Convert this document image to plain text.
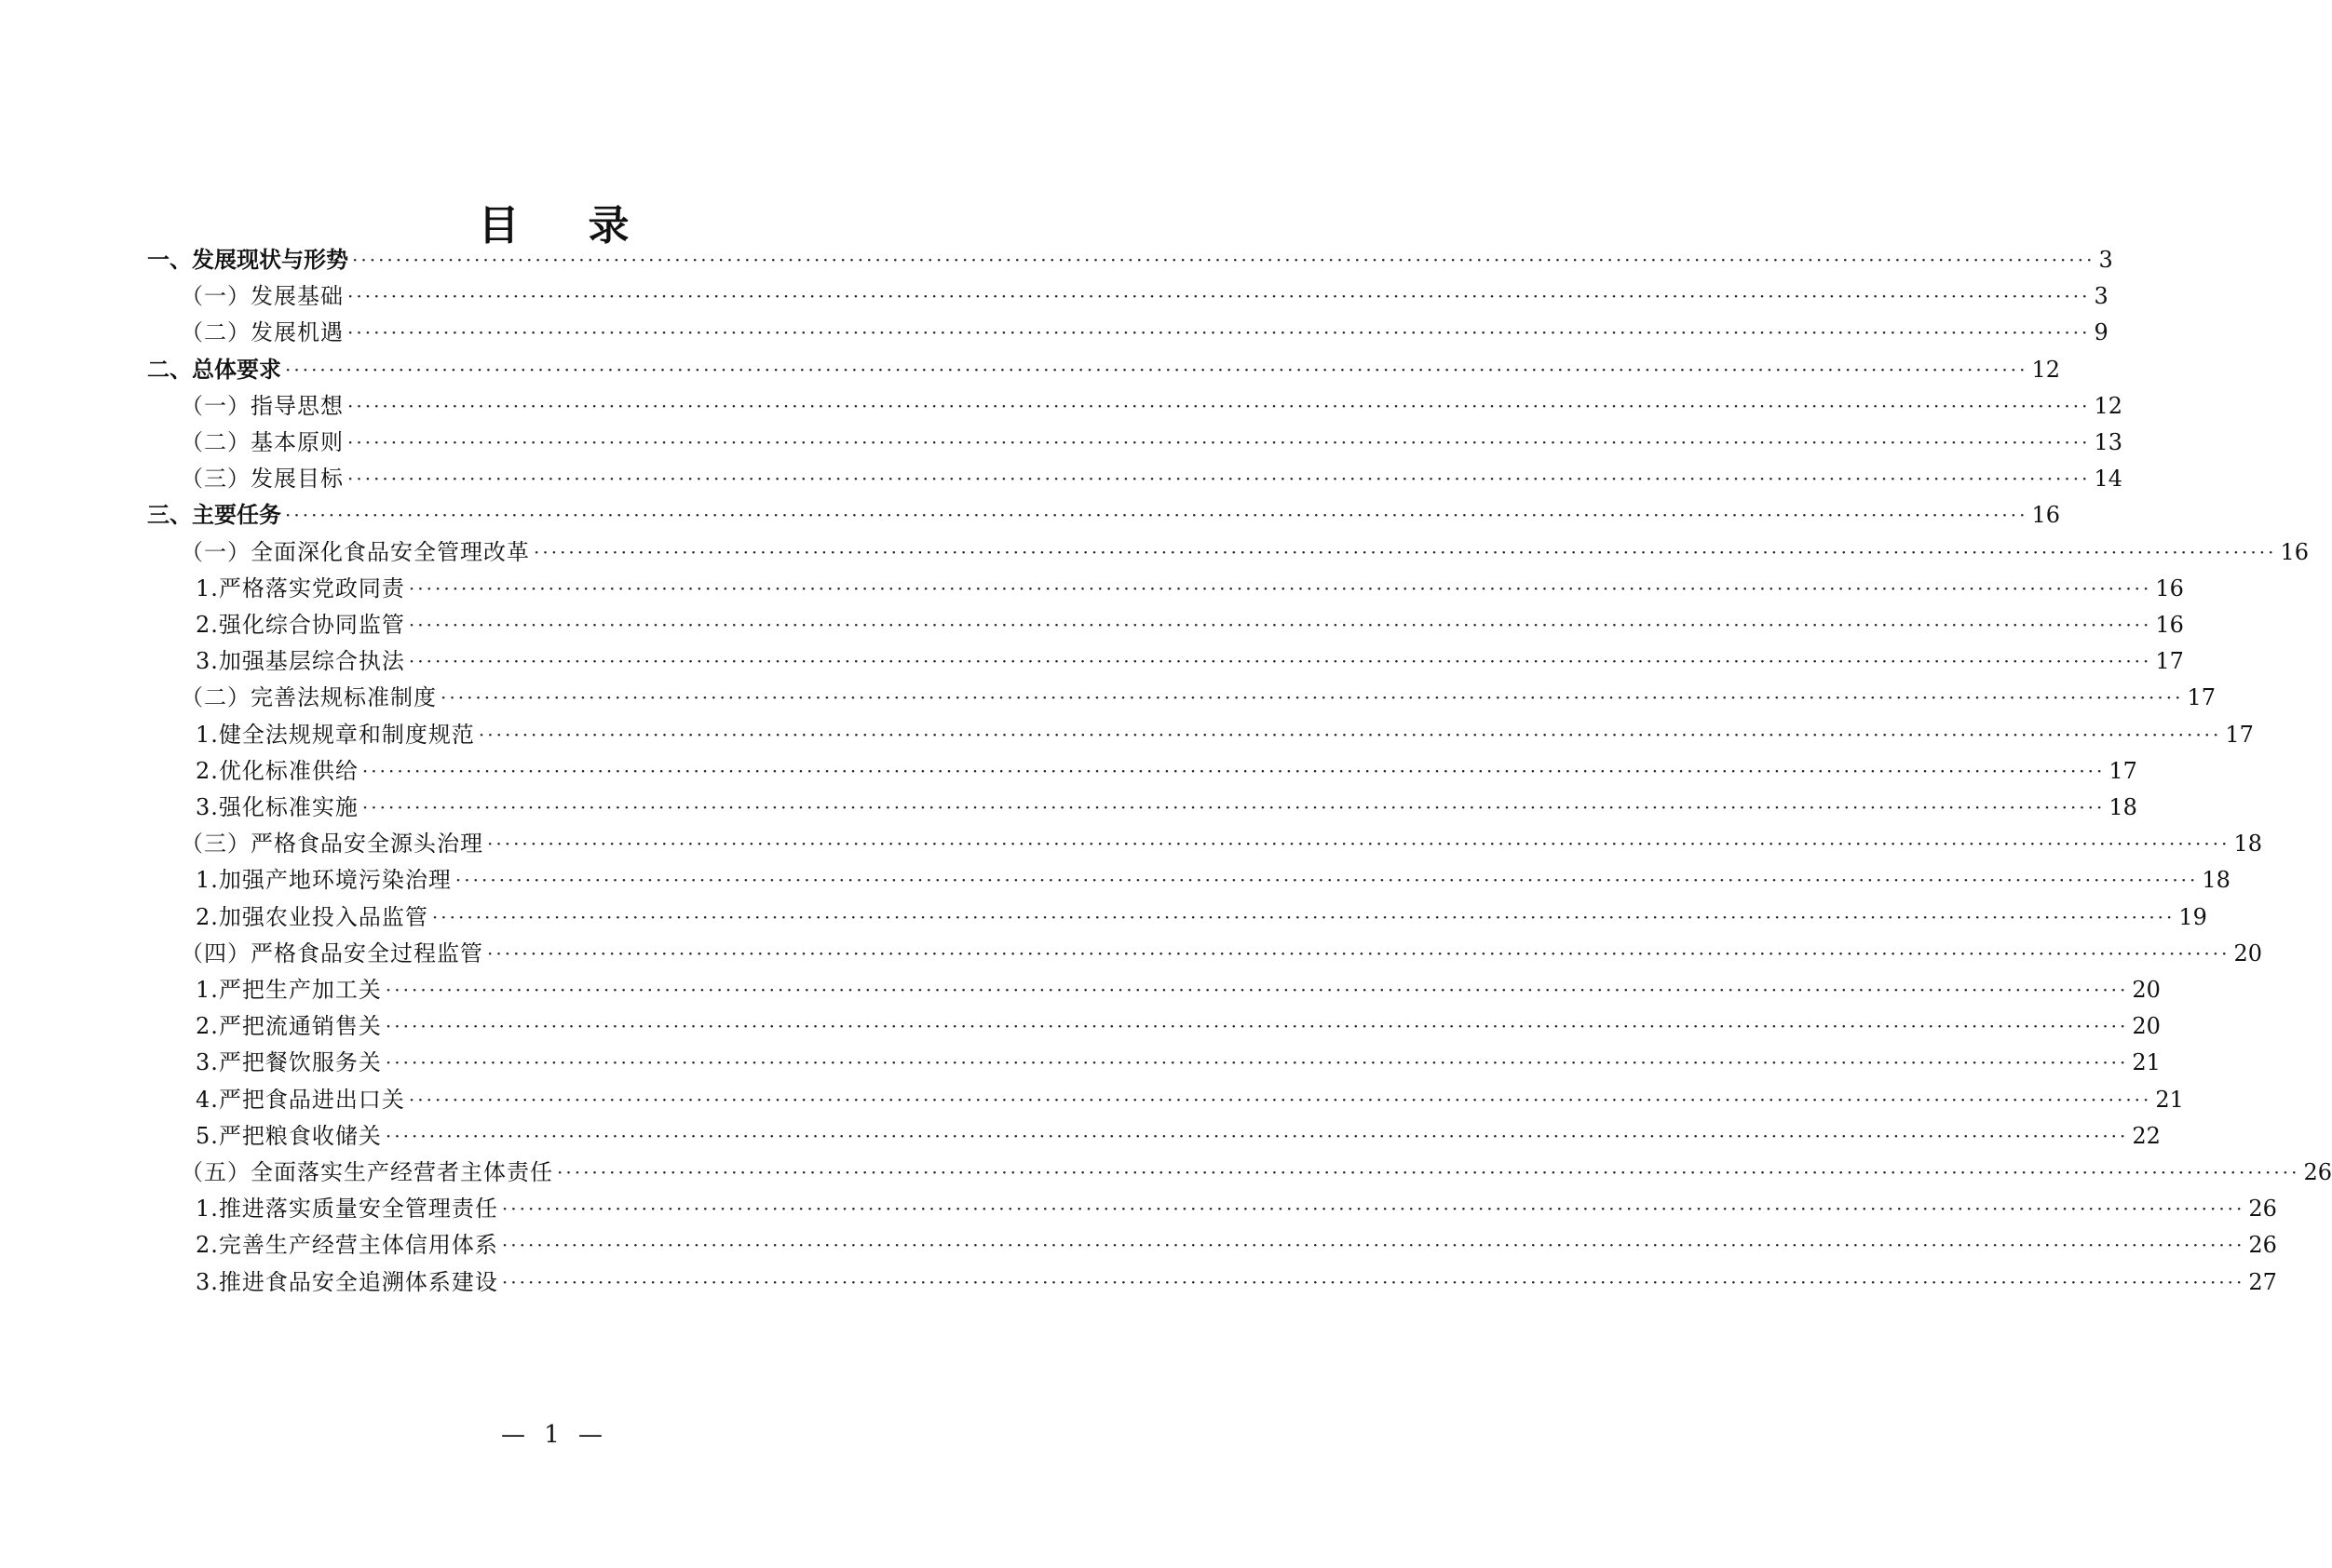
目 录
一、发展现状与形势 ········································································································································································································ 3
（一）发展基础 ········································································································································································································ 3
（二）发展机遇 ········································································································································································································ 9
二、总体要求 ········································································································································································································ 12
（一）指导思想 ········································································································································································································ 12
（二）基本原则 ········································································································································································································ 13
（三）发展目标 ········································································································································································································ 14
三、主要任务 ········································································································································································································ 16
（一）全面深化食品安全管理改革 ········································································································································································································ 16
1.严格落实党政同责 ········································································································································································································ 16
2.强化综合协同监管 ········································································································································································································ 16
3.加强基层综合执法 ········································································································································································································ 17
（二）完善法规标准制度 ········································································································································································································ 17
1.健全法规规章和制度规范 ········································································································································································································ 17
2.优化标准供给 ········································································································································································································ 17
3.强化标准实施 ········································································································································································································ 18
（三）严格食品安全源头治理 ········································································································································································································ 18
1.加强产地环境污染治理 ········································································································································································································ 18
2.加强农业投入品监管 ········································································································································································································ 19
（四）严格食品安全过程监管 ········································································································································································································ 20
1.严把生产加工关 ········································································································································································································ 20
2.严把流通销售关 ········································································································································································································ 20
3.严把餐饮服务关 ········································································································································································································ 21
4.严把食品进出口关 ········································································································································································································ 21
5.严把粮食收储关 ········································································································································································································ 22
（五）全面落实生产经营者主体责任 ········································································································································································································ 26
1.推进落实质量安全管理责任 ········································································································································································································ 26
2.完善生产经营主体信用体系 ········································································································································································································ 26
3.推进食品安全追溯体系建设 ········································································································································································································ 27
— 1 —
